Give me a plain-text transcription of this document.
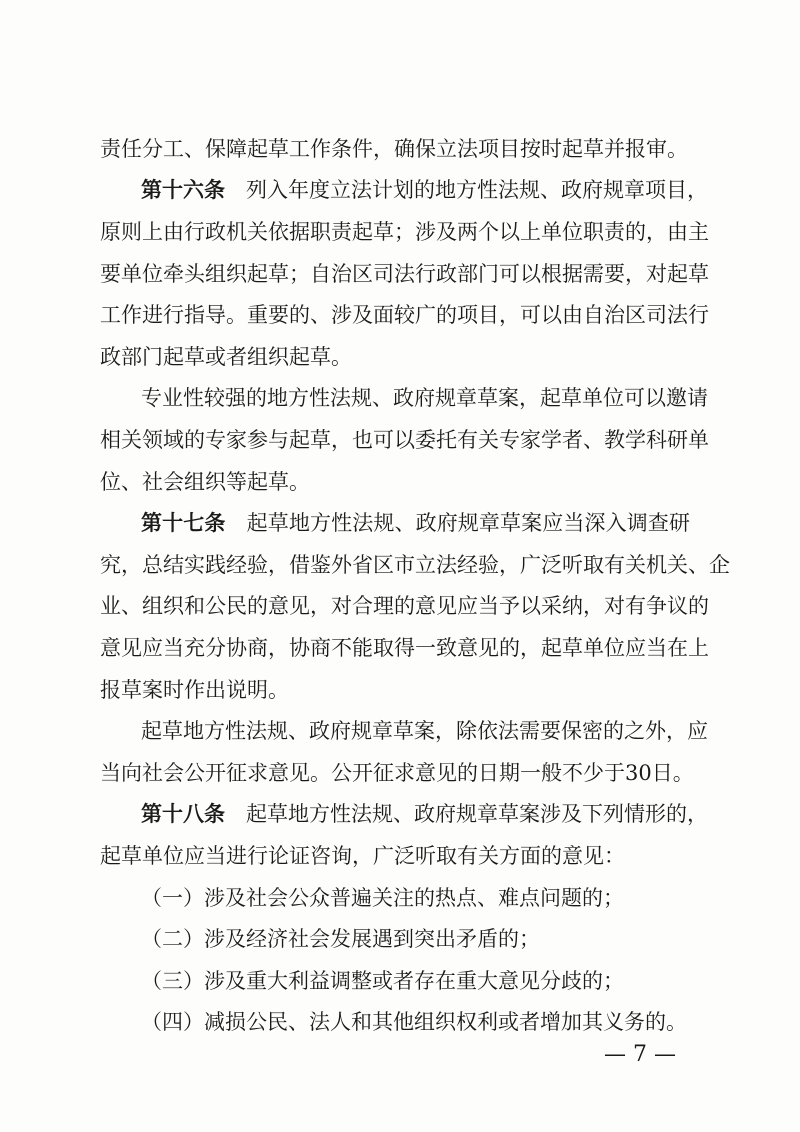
责任分工、保障起草工作条件，确保立法项目按时起草并报审。
第十六条　 列入年度立法计划的地方性法规、政府规章项目，
原则上由行政机关依据职责起草；涉及两个以上单位职责的，由主
要单位牵头组织起草；自治区司法行政部门可以根据需要，对起草
工作进行指导。重要的、涉及面较广的项目，可以由自治区司法行
政部门起草或者组织起草。
专业性较强的地方性法规、政府规章草案，起草单位可以邀请
相关领域的专家参与起草，也可以委托有关专家学者、教学科研单
位、社会组织等起草。
第十七条　 起草地方性法规、政府规章草案应当深入调查研
究，总结实践经验，借鉴外省区市立法经验，广泛听取有关机关、企
业、组织和公民的意见，对合理的意见应当予以采纳，对有争议的
意见应当充分协商，协商不能取得一致意见的，起草单位应当在上
报草案时作出说明。
起草地方性法规、政府规章草案，除依法需要保密的之外，应
当向社会公开征求意见。公开征求意见的日期一般不少于30日。
第十八条　 起草地方性法规、政府规章草案涉及下列情形的，
起草单位应当进行论证咨询，广泛听取有关方面的意见：
（一）涉及社会公众普遍关注的热点、难点问题的；
（二）涉及经济社会发展遇到突出矛盾的；
（三）涉及重大利益调整或者存在重大意见分歧的；
（四）减损公民、法人和其他组织权利或者增加其义务的。
— 7 —
